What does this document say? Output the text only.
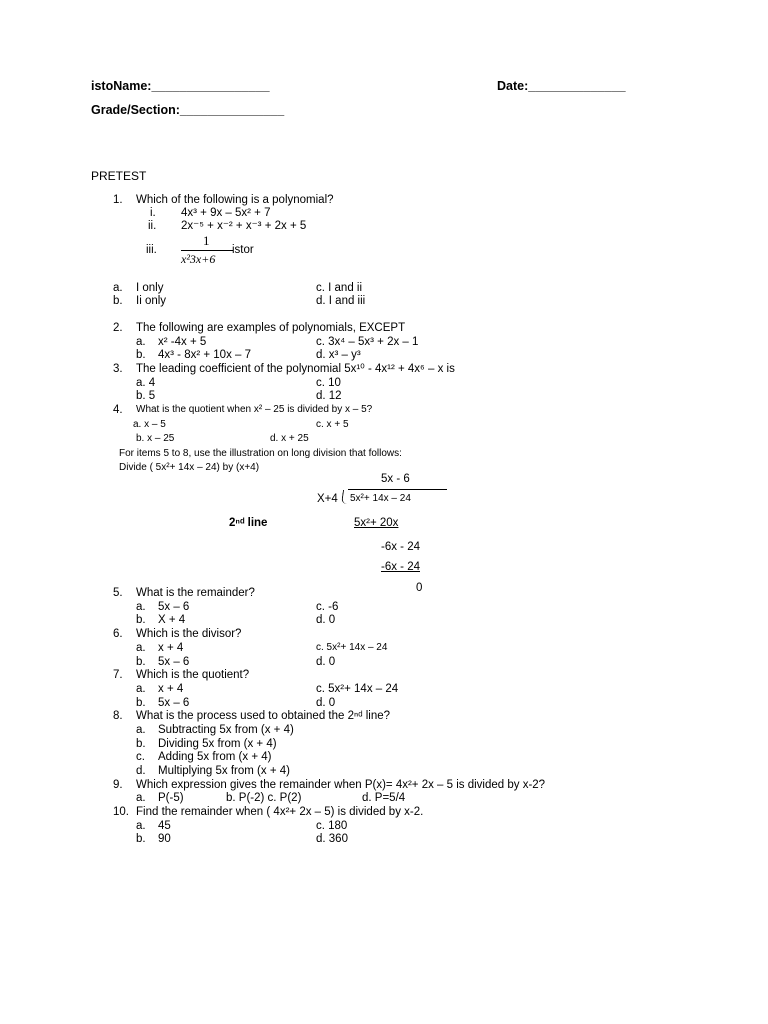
istoName:_________________	Date:______________
Grade/Section:_______________
PRETEST
1. Which of the following is a polynomial?
i. 4x³ + 9x – 5x² + 7
ii. 2x⁻⁵ + x⁻² + x⁻³ + 2x + 5
iii.
1
x²3x+6
istor
a. I only	c. I and ii
b. Ii only	d. I and iii
2. The following are examples of polynomials, EXCEPT
a. x² -4x + 5	c. 3x⁴ – 5x³ + 2x – 1
b. 4x³ - 8x² + 10x – 7	d. x³ – y³
3. The leading coefficient of the polynomial 5x¹⁰ - 4x¹² + 4x⁶ – x is
a. 4	c. 10
b. 5	d. 12
4. What is the quotient when x² – 25 is divided by x – 5?
a. x – 5	c. x + 5
b. x – 25	d. x + 25
For items 5 to 8, use the illustration on long division that follows:
Divide ( 5x²+ 14x – 24) by (x+4)
5x - 6
X+4 5x²+ 14x – 24
2ⁿᵈ line	5x²+ 20x
-6x - 24
-6x - 24
0
5. What is the remainder?
a. 5x – 6	c. -6
b. X + 4	d. 0
6. Which is the divisor?
a. x + 4	c. 5x²+ 14x – 24
b. 5x – 6	d. 0
7. Which is the quotient?
a. x + 4	c. 5x²+ 14x – 24
b. 5x – 6	d. 0
8. What is the process used to obtained the 2ⁿᵈ line?
a. Subtracting 5x from (x + 4)
b. Dividing 5x from (x + 4)
c. Adding 5x from (x + 4)
d. Multiplying 5x from (x + 4)
9. Which expression gives the remainder when P(x)= 4x²+ 2x – 5 is divided by x-2?
a. P(-5)	b. P(-2) c. P(2)	d. P=5/4
10. Find the remainder when ( 4x²+ 2x – 5) is divided by x-2.
a. 45	c. 180
b. 90	d. 360
